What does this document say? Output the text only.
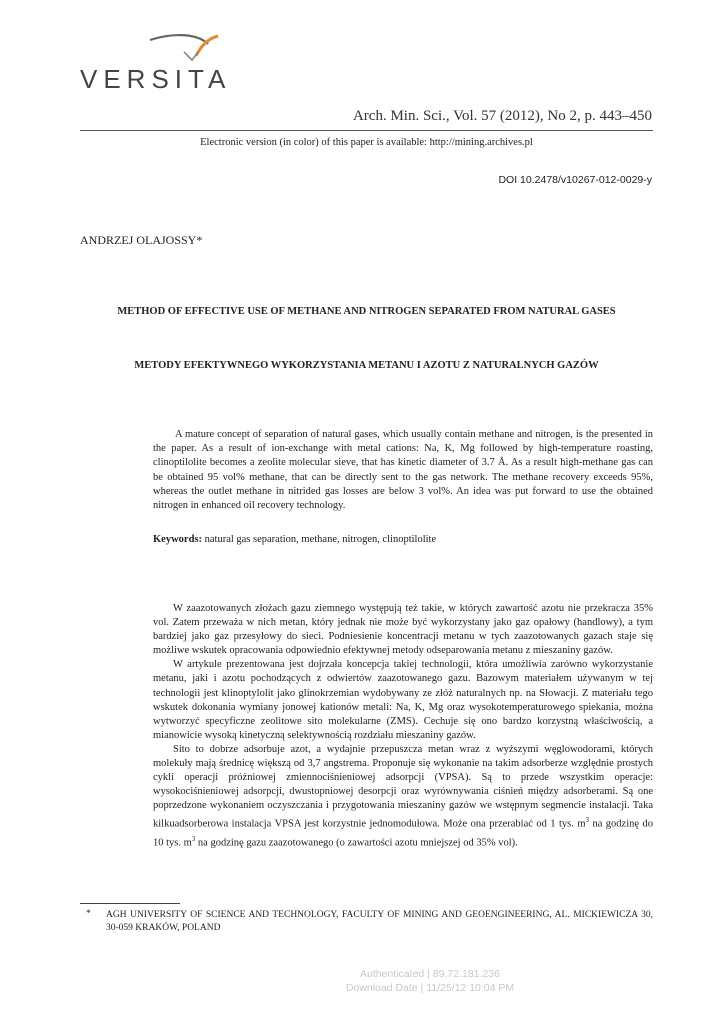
VERSITA
Arch. Min. Sci., Vol. 57 (2012), No 2, p. 443–450
Electronic version (in color) of this paper is available: http://mining.archives.pl
DOI 10.2478/v10267-012-0029-y
ANDRZEJ OLAJOSSY*
METHOD OF EFFECTIVE USE OF METHANE AND NITROGEN SEPARATED FROM NATURAL GASES
METODY EFEKTYWNEGO WYKORZYSTANIA METANU I AZOTU Z NATURALNYCH GAZÓW

A mature concept of separation of natural gases, which usually contain methane and nitrogen, is the presented in the paper. As a result of ion-exchange with metal cations: Na, K, Mg followed by high-temperature roasting, clinoptilolite becomes a zeolite molecular sieve, that has kinetic diameter of 3.7 Å. As a result high-methane gas can be obtained 95 vol% methane, that can be directly sent to the gas network. The methane recovery exceeds 95%, whereas the outlet methane in nitrided gas losses are below 3 vol%. An idea was put forward to use the obtained nitrogen in enhanced oil recovery technology.

Keywords: natural gas separation, methane, nitrogen, clinoptilolite

W zaazotowanych złożach gazu ziemnego występują też takie, w których zawartość azotu nie przekracza 35% vol. Zatem przeważa w nich metan, który jednak nie może być wykorzystany jako gaz opałowy (handlowy), a tym bardziej jako gaz przesyłowy do sieci. Podniesienie koncentracji metanu w tych zaazotowanych gazach staje się możliwe wskutek opracowania odpowiednio efektywnej metody odseparowania metanu z mieszaniny gazów.

W artykule prezentowana jest dojrzała koncepcja takiej technologii, która umożliwia zarówno wykorzystanie metanu, jaki i azotu pochodzących z odwiertów zaazotowanego gazu. Bazowym materiałem używanym w tej technologii jest klinoptylolit jako glinokrzemian wydobywany ze złóż naturalnych np. na Słowacji. Z materiału tego wskutek dokonania wymiany jonowej kationów metali: Na, K, Mg oraz wysokotemperaturowego spiekania, można wytworzyć specyficzne zeolitowe sito molekularne (ZMS). Cechuje się ono bardzo korzystną właściwością, a mianowicie wysoką kinetyczną selektywnością rozdziału mieszaniny gazów.

Sito to dobrze adsorbuje azot, a wydajnie przepuszcza metan wraz z wyższymi węglowodorami, których molekuły mają średnicę większą od 3,7 angstrema. Proponuje się wykonanie na takim adsorberze względnie prostych cykli operacji próżniowej zmiennociśnieniowej adsorpcji (VPSA). Są to przede wszystkim operacje: wysokociśnieniowej adsorpcji, dwustopniowej desorpcji oraz wyrównywania ciśnień między adsorberami. Są one poprzedzone wykonaniem oczyszczania i przygotowania mieszaniny gazów we wstępnym segmencie instalacji. Taka kilkuadsorberowa instalacja VPSA jest korzystnie jednomodułowa. Może ona przerabiać od 1 tys. $m^3$ na godzinę do 10 tys. $m^3$ na godzinę gazu zaazotowanego (o zawartości azotu mniejszej od 35% vol).

* AGH UNIVERSITY OF SCIENCE AND TECHNOLOGY, FACULTY OF MINING AND GEOENGINEERING, AL. MICKIEWICZA 30, 30-059 KRAKÓW, POLAND

Authenticated | 89.72.181.236
Download Date | 11/25/12 10:04 PM
